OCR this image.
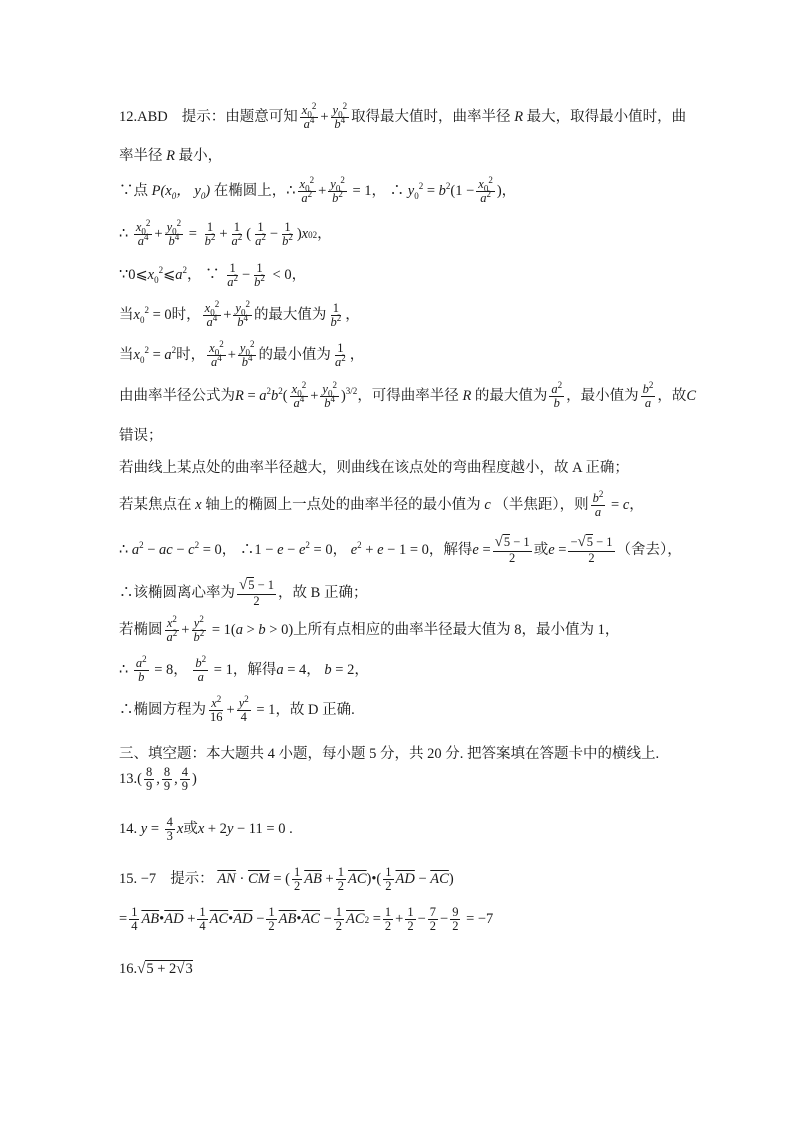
12.ABD 提示： 由题意可知 $\frac{x_0^2}{a^4} + \frac{y_0^2}{b^4}$ 取得最大值时，曲率半径 R 最大，取得最小值时，曲
率半径 R 最小，
∵点 $P(x_0$， $y_0$) 在椭圆上， ∴ $\frac{x_0^2}{a^2} + \frac{y_0^2}{b^2} = 1$， ∴ $y_0^2 = b^2(1 - \frac{x_0^2}{a^2}$ )，
∴ $\frac{x_0^2}{a^4} + \frac{y_0^2}{b^4} = \frac{1}{b^2} + \frac{1}{a^2}$ ( $\frac{1}{a^2} - \frac{1}{b^2}$ ) x 0 2 ，
$\because 0⩽x_0^2⩽a^2$， ∵ $\frac{1}{a^2} - \frac{1}{b^2} < 0$，
当 $x_0^2 = 0$ 时， $\frac{x_0^2}{a^4} + \frac{y_0^2}{b^4}$ 的最大值为 $\frac{1}{b^2}$ ，
当 $x_0^2 = a^2$ 时， $\frac{x_0^2}{a^4} + \frac{y_0^2}{b^4}$ 的最小值为 $\frac{1}{a^2}$ ，
由曲率半径公式为 $R = a^2b^2( \frac{x_0^2}{a^4} + \frac{y_0^2}{b^4} )^{3/2}$ ，可得曲率半径 R 的最大值为 $\frac{a^2}{b}$ ，最小值为 $\frac{b^2}{a}$ ，故 C
错误；
若曲线上某点处的曲率半径越大，则曲线在该点处的弯曲程度越小，故 A 正确；
若某焦点在 x 轴上的椭圆上一点处的曲率半径的最小值为 c （半焦距），则 $\frac{b^2}{a} = c$，
∴ $a^2$ − ac − $c^2 = 0$， ∴1 − $e - e^2 = 0$， $e^2 + e - 1 = 0$ ，解得 $e = \frac{√5 - 1}{2}$ 或 $e = \frac{-√5 - 1}{2}$ （舍去），
∴该椭圆离心率为 $\frac{√5 - 1}{2}$ ，故 B 正确；
若椭圆 $\frac{x^2}{a^2} + \frac{y^2}{b^2} = 1(a > b > 0)$ 上所有点相应的曲率半径最大值为 8，最小值为 1，
∴ $\frac{a^2}{b} = 8$， $\frac{b^2}{a} = 1$ ，解得 a = 4， b = 2，
∴椭圆方程为 $\frac{x^2}{16} + \frac{y^2}{4} = 1$ ，故 D 正确.
三、填空题：本大题共 4 小题，每小题 5 分，共 20 分. 把答案填在答题卡中的横线上.
13. ( $\frac{8}{9}$ , $\frac{8}{9}$ , $\frac{4}{9}$ )
14. $y = \frac{4}{3}$ x 或 x + 2y − 11 = 0 .
15. −7 提示： $\overline{AN} \cdot \overline{CM}$ = ( $\frac{1}{2} \overline{AB} + \frac{1}{2} \overline{AC}$ )•( $\frac{1}{2} \overline{AD} - \overline{AC}$ )
= $\frac{1}{4} \overline{AB}$ • $\overline{AD} + \frac{1}{4} \overline{AC}$ • $\overline{AD} - \frac{1}{2} \overline{AB}$ • $\overline{AC} - \frac{1}{2} \overline{AC}$ $2 = \frac{1}{2} + \frac{1}{2} - \frac{7}{2} - \frac{9}{2} = -7$
16. √ 5 + 2√3
